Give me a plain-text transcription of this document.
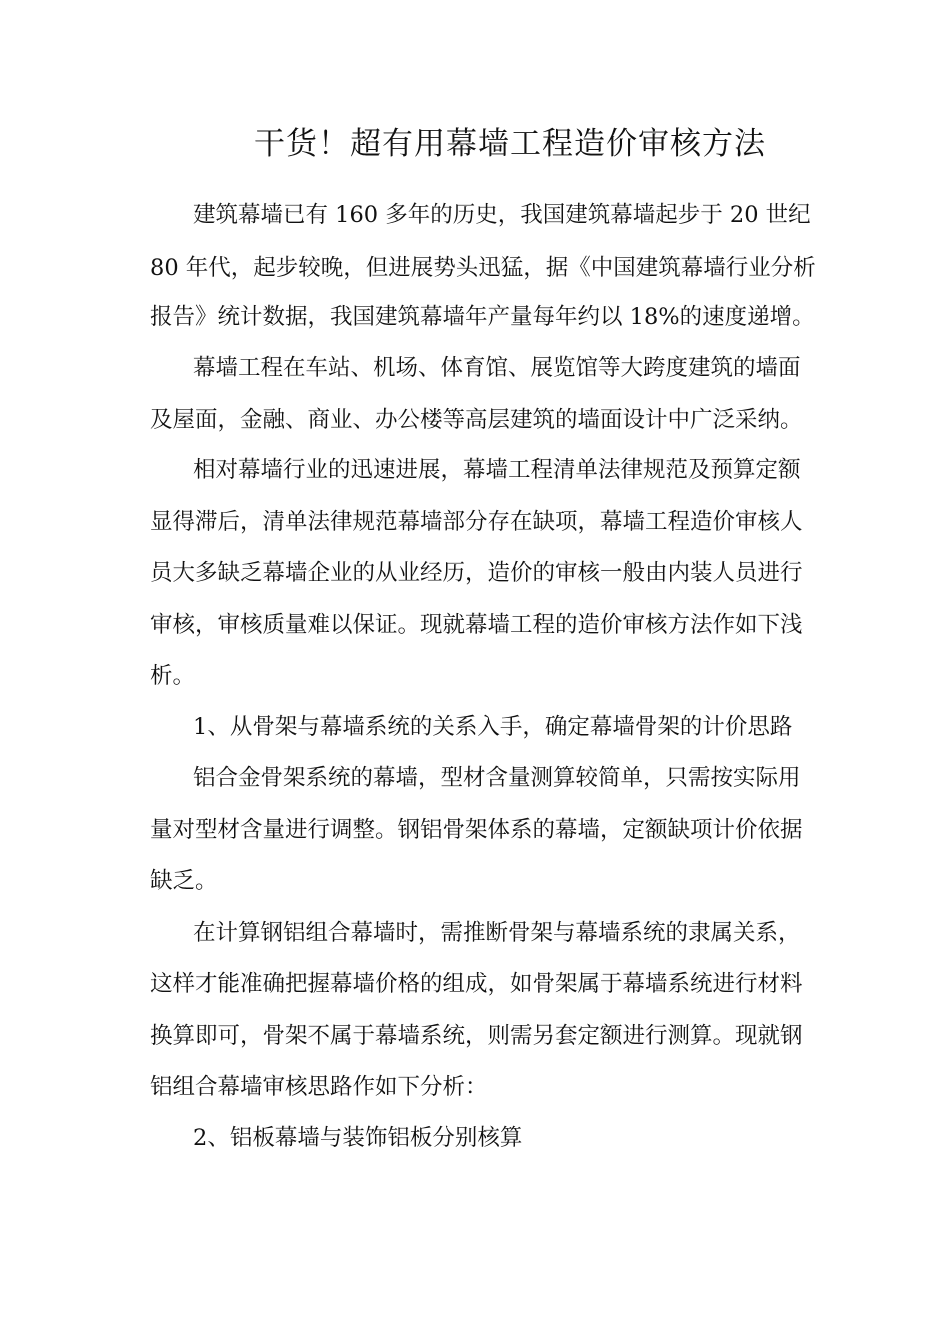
干货！超有用幕墙工程造价审核方法

建筑幕墙已有 160 多年的历史，我国建筑幕墙起步于 20 世纪

80 年代，起步较晚，但进展势头迅猛，据《中国建筑幕墙行业分析

报告》统计数据，我国建筑幕墙年产量每年约以 18%的速度递增。

幕墙工程在车站、机场、体育馆、展览馆等大跨度建筑的墙面

及屋面，金融、商业、办公楼等高层建筑的墙面设计中广泛采纳。

相对幕墙行业的迅速进展，幕墙工程清单法律规范及预算定额

显得滞后，清单法律规范幕墙部分存在缺项，幕墙工程造价审核人

员大多缺乏幕墙企业的从业经历，造价的审核一般由内装人员进行

审核，审核质量难以保证。现就幕墙工程的造价审核方法作如下浅

析。

1、从骨架与幕墙系统的关系入手，确定幕墙骨架的计价思路

铝合金骨架系统的幕墙，型材含量测算较简单，只需按实际用

量对型材含量进行调整。钢铝骨架体系的幕墙，定额缺项计价依据

缺乏。

在计算钢铝组合幕墙时，需推断骨架与幕墙系统的隶属关系，

这样才能准确把握幕墙价格的组成，如骨架属于幕墙系统进行材料

换算即可，骨架不属于幕墙系统，则需另套定额进行测算。现就钢

铝组合幕墙审核思路作如下分析：

2、铝板幕墙与装饰铝板分别核算
